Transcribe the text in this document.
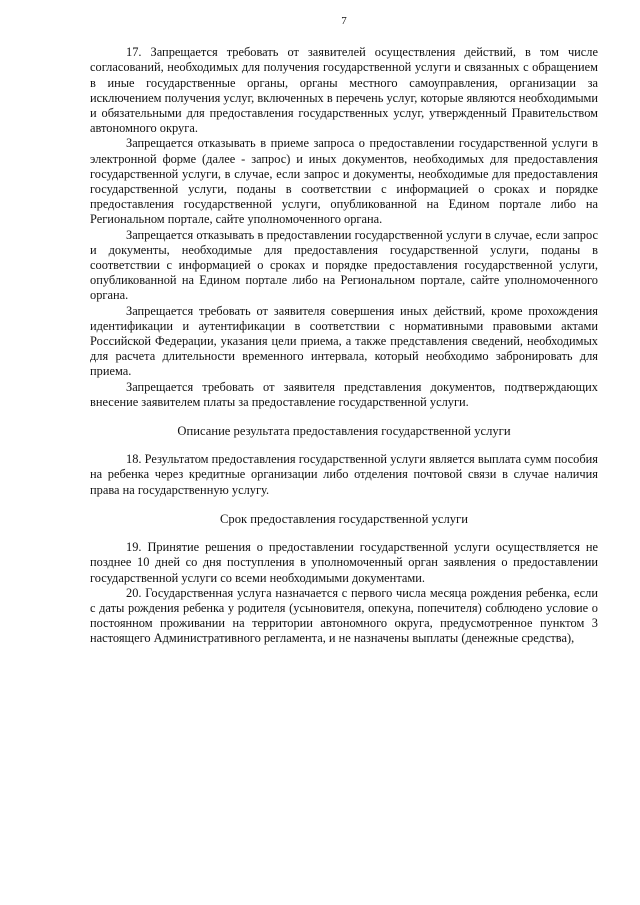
7

17. Запрещается требовать от заявителей осуществления действий, в том числе согласований, необходимых для получения государственной услуги и связанных с обращением в иные государственные органы, органы местного самоуправления, организации за исключением получения услуг, включенных в перечень услуг, которые являются необходимыми и обязательными для предоставления государственных услуг, утвержденный Правительством автономного округа.

Запрещается отказывать в приеме запроса о предоставлении государственной услуги в электронной форме (далее - запрос) и иных документов, необходимых для предоставления государственной услуги, в случае, если запрос и документы, необходимые для предоставления государственной услуги, поданы в соответствии с информацией о сроках и порядке предоставления государственной услуги, опубликованной на Едином портале либо на Региональном портале, сайте уполномоченного органа.

Запрещается отказывать в предоставлении государственной услуги в случае, если запрос и документы, необходимые для предоставления государственной услуги, поданы в соответствии с информацией о сроках и порядке предоставления государственной услуги, опубликованной на Едином портале либо на Региональном портале, сайте уполномоченного органа.

Запрещается требовать от заявителя совершения иных действий, кроме прохождения идентификации и аутентификации в соответствии с нормативными правовыми актами Российской Федерации, указания цели приема, а также представления сведений, необходимых для расчета длительности временного интервала, который необходимо забронировать для приема.

Запрещается требовать от заявителя представления документов, подтверждающих внесение заявителем платы за предоставление государственной услуги.

Описание результата предоставления государственной услуги

18. Результатом предоставления государственной услуги является выплата сумм пособия на ребенка через кредитные организации либо отделения почтовой связи в случае наличия права на государственную услугу.

Срок предоставления государственной услуги

19. Принятие решения о предоставлении государственной услуги осуществляется не позднее 10 дней со дня поступления в уполномоченный орган заявления о предоставлении государственной услуги со всеми необходимыми документами.

20. Государственная услуга назначается с первого числа месяца рождения ребенка, если с даты рождения ребенка у родителя (усыновителя, опекуна, попечителя) соблюдено условие о постоянном проживании на территории автономного округа, предусмотренное пунктом 3 настоящего Административного регламента, и не назначены выплаты (денежные средства),
